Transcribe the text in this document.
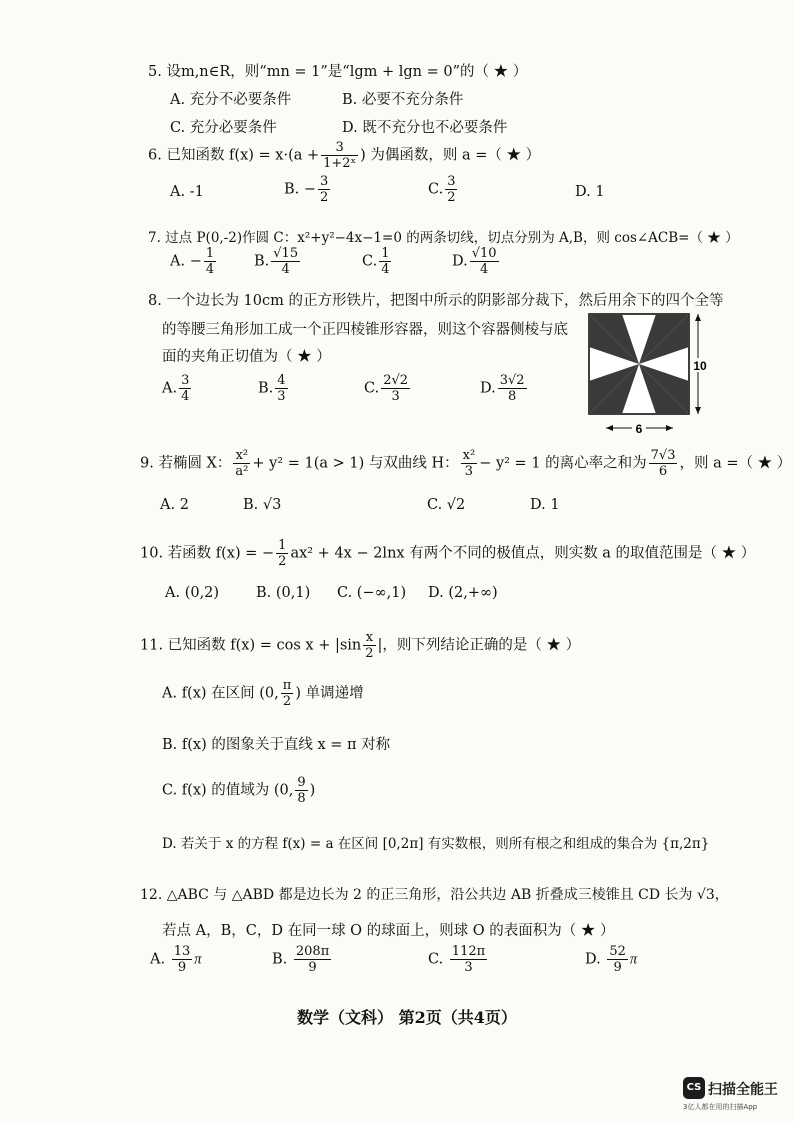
5. 设m,n∈R，则“mn = 1”是“lgm + lgn = 0”的（ ★ ）
A. 充分不必要条件	B. 必要不充分条件
C. 充分必要条件	D. 既不充分也不必要条件
6. 已知函数 $f(x) = x\cdot(a + \frac{3}{\text{1+2ˣ}}$ ) 为偶函数，则 a =（ ★ ）
A. -1	B. − $\frac{3}{2}$	C. $\frac{3}{2}$	D. 1
7. 过点 P(0,-2)作圆 C：x²+y²−4x−1=0 的两条切线，切点分别为 A,B，则 cos∠ACB=（ ★ ）
A. − $\frac{1}{4}$	B. $\frac{√15}{4}$	C. $\frac{1}{4}$	D. $\frac{√10}{4}$
8. 一个边长为 10cm 的正方形铁片，把图中所示的阴影部分裁下，然后用余下的四个全等
的等腰三角形加工成一个正四棱锥形容器，则这个容器侧棱与底
面的夹角正切值为（ ★ ）
A. $\frac{3}{4}$	B. $\frac{4}{3}$	C. $\frac{2√2}{3}$	D. $\frac{3√2}{8}$
10
6
9. 若椭圆 X： $\frac{\text{x²}}{\text{a²}} + y^2 = 1(a > 1)$ 与双曲线 H： $\frac{\text{x²}}{3} - y^2 = 1$ 的离心率之和为 $\frac{7√3}{6}$ ，则 a =（ ★ ）
A. 2	B. √3	C. √2	D. 1
10. 若函数 f(x) = − $\frac{1}{2} ax^2 + 4x - 2\ln x$ 有两个不同的极值点，则实数 a 的取值范围是（ ★ ）
A. (0,2)	B. (0,1) C. (−∞,1) D. (2,+∞)
11. 已知函数 $f(x) = \cos x + |\sin \frac{x}{2}$ |，则下列结论正确的是（ ★ ）
A. f(x) 在区间 (0, $\frac{\pi}{2}$ ) 单调递增
B. f(x) 的图象关于直线 x = π 对称
C. f(x) 的值域为 (0, $\frac{9}{8}$ )
D. 若关于 x 的方程 f(x) = a 在区间 [0,2π] 有实数根，则所有根之和组成的集合为 {π,2π}
12. △ABC 与 △ABD 都是边长为 2 的正三角形，沿公共边 AB 折叠成三棱锥且 CD 长为 √3，
若点 A，B，C，D 在同一球 O 的球面上，则球 O 的表面积为（ ★ ）
A. $\frac{13}{9}$ π	B. $\frac{208\pi}{9}$	C. $\frac{112\pi}{3}$	D. $\frac{52}{9}$ π
数学（文科） 第2页（共4页）
CS 扫描全能王
3亿人都在用的扫描App
